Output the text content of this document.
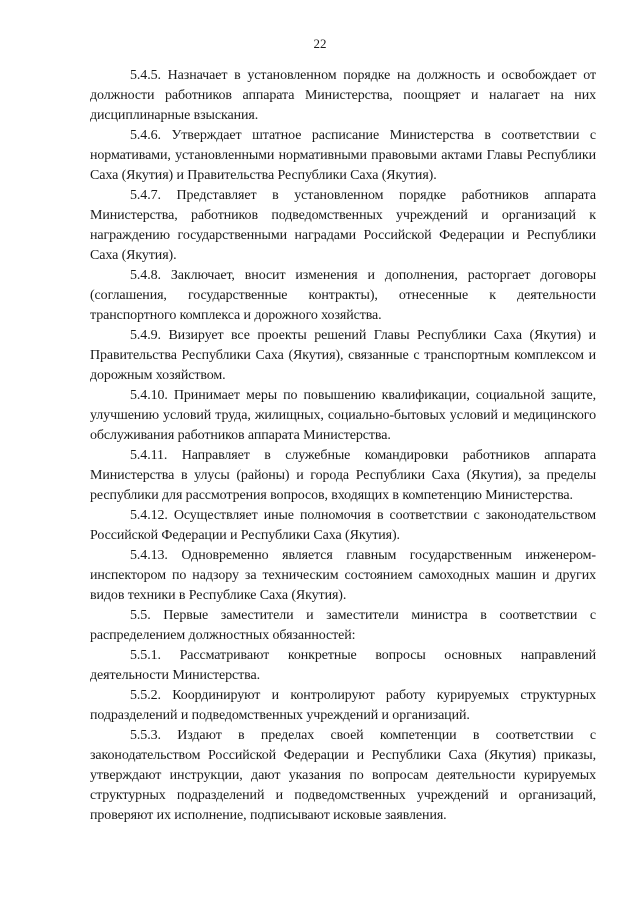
22

5.4.5. Назначает в установленном порядке на должность и освобождает от должности работников аппарата Министерства, поощряет и налагает на них дисциплинарные взыскания.

5.4.6. Утверждает штатное расписание Министерства в соответствии с нормативами, установленными нормативными правовыми актами Главы Республики Саха (Якутия) и Правительства Республики Саха (Якутия).

5.4.7. Представляет в установленном порядке работников аппарата Министерства, работников подведомственных учреждений и организаций к награждению государственными наградами Российской Федерации и Республики Саха (Якутия).

5.4.8. Заключает, вносит изменения и дополнения, расторгает договоры (соглашения, государственные контракты), отнесенные к деятельности транспортного комплекса и дорожного хозяйства.

5.4.9. Визирует все проекты решений Главы Республики Саха (Якутия) и Правительства Республики Саха (Якутия), связанные с транспортным комплексом и дорожным хозяйством.

5.4.10. Принимает меры по повышению квалификации, социальной защите, улучшению условий труда, жилищных, социально-бытовых условий и медицинского обслуживания работников аппарата Министерства.

5.4.11. Направляет в служебные командировки работников аппарата Министерства в улусы (районы) и города Республики Саха (Якутия), за пределы республики для рассмотрения вопросов, входящих в компетенцию Министерства.

5.4.12. Осуществляет иные полномочия в соответствии с законодательством Российской Федерации и Республики Саха (Якутия).

5.4.13. Одновременно является главным государственным инженером-инспектором по надзору за техническим состоянием самоходных машин и других видов техники в Республике Саха (Якутия).

5.5. Первые заместители и заместители министра в соответствии с распределением должностных обязанностей:

5.5.1. Рассматривают конкретные вопросы основных направлений деятельности Министерства.

5.5.2. Координируют и контролируют работу курируемых структурных подразделений и подведомственных учреждений и организаций.

5.5.3. Издают в пределах своей компетенции в соответствии с законодательством Российской Федерации и Республики Саха (Якутия) приказы, утверждают инструкции, дают указания по вопросам деятельности курируемых структурных подразделений и подведомственных учреждений и организаций, проверяют их исполнение, подписывают исковые заявления.
